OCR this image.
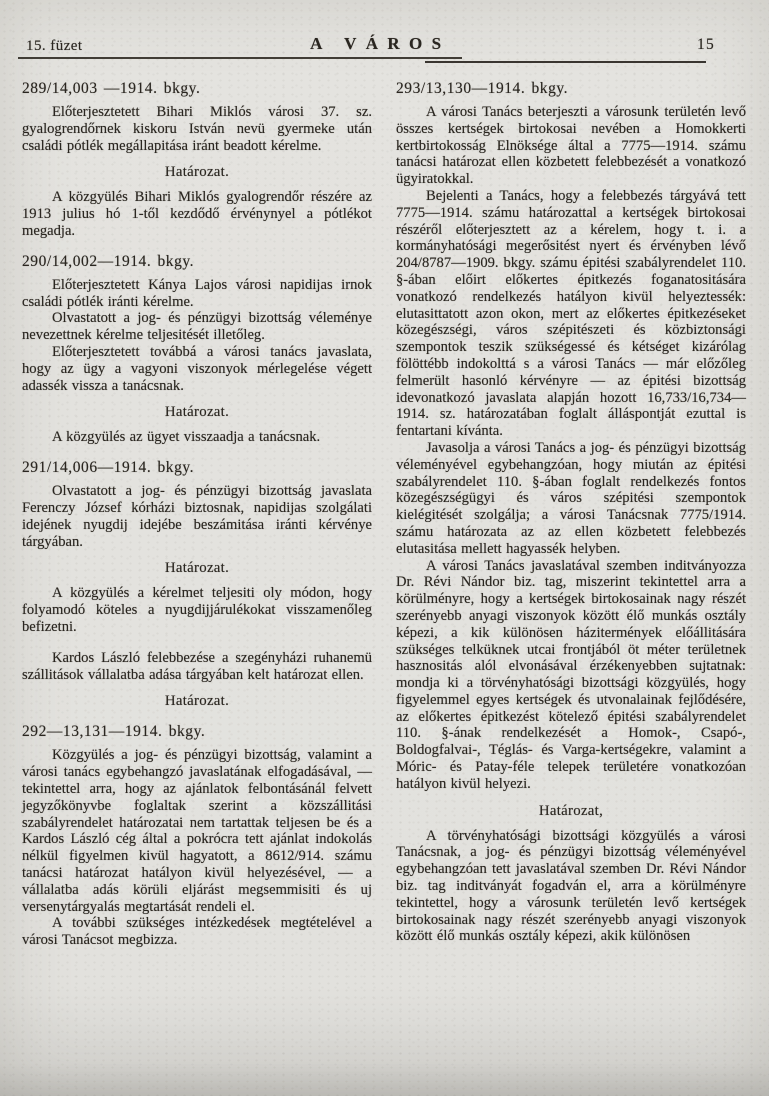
15. füzet	A VÁROS	15

289/14,003 —1914. bkgy.

Előterjesztetett Bihari Miklós városi 37. sz. gyalogrendőrnek kiskoru István nevü gyermeke után családi pótlék megállapitása iránt beadott kérelme.

Határozat.

A közgyülés Bihari Miklós gyalogrendőr részére az 1913 julius hó 1-től kezdődő érvénynyel a pótlékot megadja.

290/14,002—1914. bkgy.

Előterjesztetett Kánya Lajos városi napidijas irnok családi pótlék iránti kérelme.

Olvastatott a jog- és pénzügyi bizottság véleménye nevezettnek kérelme teljesitését illetőleg.

Előterjesztetett továbbá a városi tanács javaslata, hogy az ügy a vagyoni viszonyok mérlegelése végett adassék vissza a tanácsnak.

Határozat.

A közgyülés az ügyet visszaadja a tanácsnak.

291/14,006—1914. bkgy.

Olvastatott a jog- és pénzügyi bizottság javaslata Ferenczy József kórházi biztosnak, napidijas szolgálati idejének nyugdij idejébe beszámitása iránti kérvénye tárgyában.

Határozat.

A közgyülés a kérelmet teljesiti oly módon, hogy folyamodó köteles a nyugdijjárulékokat visszamenőleg befizetni.

Kardos László felebbezése a szegényházi ruhanemü szállitások vállalatba adása tárgyában kelt határozat ellen.

Határozat.

292—13,131—1914. bkgy.

Közgyülés a jog- és pénzügyi bizottság, valamint a városi tanács egybehangzó javaslatának elfogadásával, — tekintettel arra, hogy az ajánlatok felbontásánál felvett jegyzőkönyvbe foglaltak szerint a közszállitási szabályrendelet határozatai nem tartattak teljesen be és a Kardos László cég által a pokrócra tett ajánlat indokolás nélkül figyelmen kivül hagyatott, a 8612/914. számu tanácsi határozat hatályon kivül helyezésével, — a vállalatba adás körüli eljárást megsemmisiti és uj versenytárgyalás megtartását rendeli el.

A további szükséges intézkedések megtételével a városi Tanácsot megbizza.

293/13,130—1914. bkgy.

A városi Tanács beterjeszti a városunk területén levő összes kertségek birtokosai nevében a Homokkerti kertbirtokosság Elnöksége által a 7775—1914. számu tanácsi határozat ellen közbetett felebbezését a vonatkozó ügyiratokkal.

Bejelenti a Tanács, hogy a felebbezés tárgyává tett 7775—1914. számu határozattal a kertségek birtokosai részéről előterjesztett az a kérelem, hogy t. i. a kormányhatósági megerősitést nyert és érvényben lévő 204/8787—1909. bkgy. számu épitési szabályrendelet 110. §-ában előirt előkertes épitkezés foganatositására vonatkozó rendelkezés hatályon kivül helyeztessék: elutasittatott azon okon, mert az előkertes épitkezéseket közegészségi, város szépitészeti és közbiztonsági szempontok teszik szükségessé és kétséget kizárólag fölöttébb indokolttá s a városi Tanács — már előzőleg felmerült hasonló kérvényre — az épitési bizottság idevonatkozó javaslata alapján hozott 16,733/16,734—1914. sz. határozatában foglalt álláspontját ezuttal is fentartani kívánta.

Javasolja a városi Tanács a jog- és pénzügyi bizottság véleményével egybehangzóan, hogy miután az épitési szabályrendelet 110. §-ában foglalt rendelkezés fontos közegészségügyi és város szépitési szempontok kielégitését szolgálja; a városi Tanácsnak 7775/1914. számu határozata az az ellen közbetett felebbezés elutasitása mellett hagyassék helyben.

A városi Tanács javaslatával szemben inditványozza Dr. Révi Nándor biz. tag, miszerint tekintettel arra a körülményre, hogy a kertségek birtokosainak nagy részét szerényebb anyagi viszonyok között élő munkás osztály képezi, a kik különösen házitermények előállitására szükséges telküknek utcai frontjából öt méter területnek hasznositás alól elvonásával érzékenyebben sujtatnak: mondja ki a törvényhatósági bizottsági közgyülés, hogy figyelemmel egyes kertségek és utvonalainak fejlődésére, az előkertes épitkezést kötelező épitési szabályrendelet 110. §-ának rendelkezését a Homok-, Csapó-, Boldogfalvai-, Téglás- és Varga-kertségekre, valamint a Móric- és Patay-féle telepek területére vonatkozóan hatályon kivül helyezi.

Határozat,

A törvényhatósági bizottsági közgyülés a városi Tanácsnak, a jog- és pénzügyi bizottság véleményével egybehangzóan tett javaslatával szemben Dr. Révi Nándor biz. tag inditványát fogadván el, arra a körülményre tekintettel, hogy a városunk területén levő kertségek birtokosainak nagy részét szerényebb anyagi viszonyok között élő munkás osztály képezi, akik különösen
